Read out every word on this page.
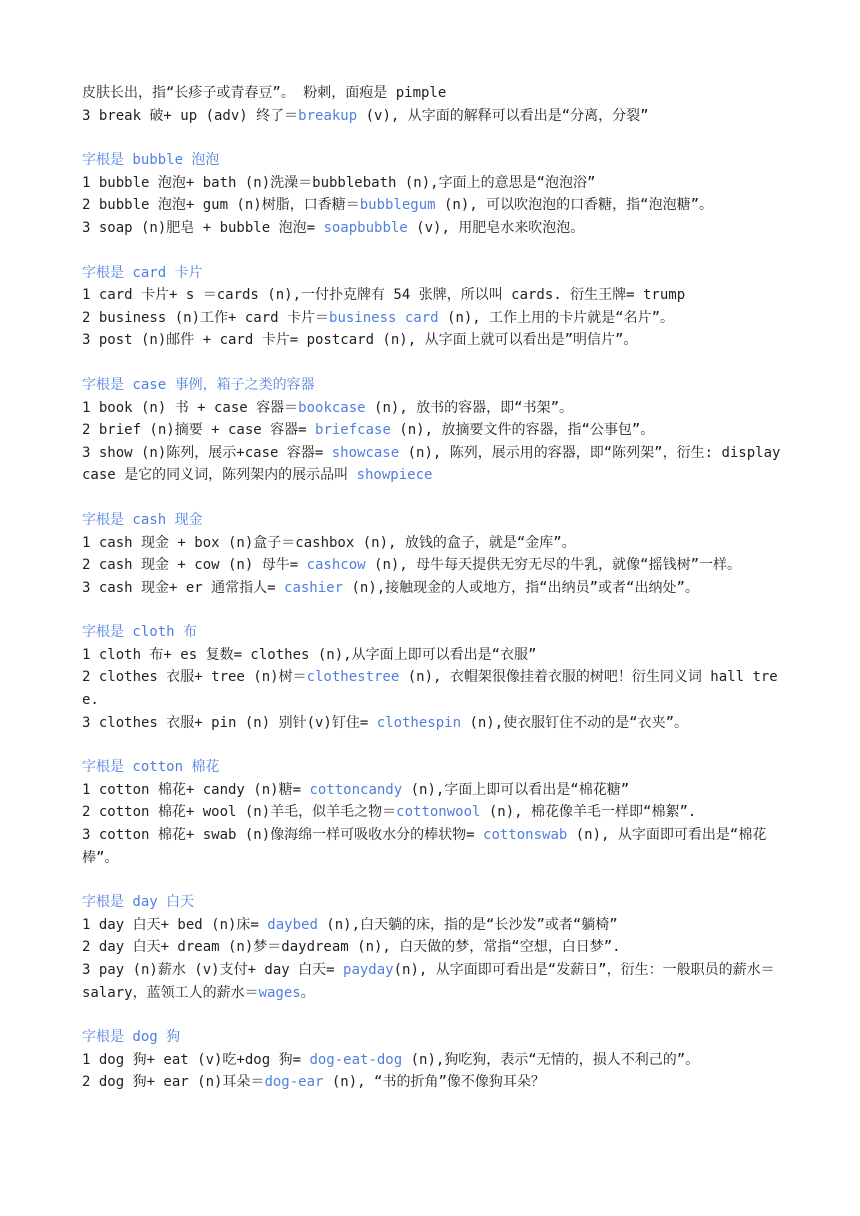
皮肤长出，指“长疹子或青春豆”。 粉刺，面疱是 pimple
3 break 破+ up (adv) 终了＝breakup (v), 从字面的解释可以看出是“分离，分裂”
字根是 bubble 泡泡
1 bubble 泡泡+ bath (n)洗澡＝bubblebath (n),字面上的意思是“泡泡浴”
2 bubble 泡泡+ gum (n)树脂，口香糖＝bubblegum (n), 可以吹泡泡的口香糖，指“泡泡糖”。
3 soap (n)肥皂 + bubble 泡泡= soapbubble (v), 用肥皂水来吹泡泡。
字根是 card 卡片
1 card 卡片+ s ＝cards (n),一付扑克牌有 54 张牌，所以叫 cards. 衍生王牌= trump
2 business (n)工作+ card 卡片＝business card (n), 工作上用的卡片就是“名片”。
3 post (n)邮件 + card 卡片= postcard (n), 从字面上就可以看出是”明信片”。
字根是 case 事例，箱子之类的容器
1 book (n) 书 + case 容器＝bookcase (n), 放书的容器，即“书架”。
2 brief (n)摘要 + case 容器= briefcase (n), 放摘要文件的容器，指“公事包”。
3 show (n)陈列，展示+case 容器= showcase (n), 陈列，展示用的容器，即“陈列架”，衍生: display case 是它的同义词，陈列架内的展示品叫 showpiece
字根是 cash 现金
1 cash 现金 + box (n)盒子＝cashbox (n), 放钱的盒子，就是“金库”。
2 cash 现金 + cow (n) 母牛= cashcow (n), 母牛每天提供无穷无尽的牛乳，就像“摇钱树”一样。
3 cash 现金+ er 通常指人= cashier (n),接触现金的人或地方，指“出纳员”或者“出纳处”。
字根是 cloth 布
1 cloth 布+ es 复数= clothes (n),从字面上即可以看出是“衣服”
2 clothes 衣服+ tree (n)树＝clothestree (n), 衣帽架很像挂着衣服的树吧！衍生同义词 hall tree.
3 clothes 衣服+ pin (n) 别针(v)钉住= clothespin (n),使衣服钉住不动的是“衣夹”。
字根是 cotton 棉花
1 cotton 棉花+ candy (n)糖= cottoncandy (n),字面上即可以看出是“棉花糖”
2 cotton 棉花+ wool (n)羊毛，似羊毛之物＝cottonwool (n), 棉花像羊毛一样即“棉絮”.
3 cotton 棉花+ swab (n)像海绵一样可吸收水分的棒状物= cottonswab (n), 从字面即可看出是“棉花棒”。
字根是 day 白天
1 day 白天+ bed (n)床= daybed (n),白天躺的床，指的是“长沙发”或者“躺椅”
2 day 白天+ dream (n)梦＝daydream (n), 白天做的梦，常指“空想，白日梦”.
3 pay (n)薪水 (v)支付+ day 白天= payday(n), 从字面即可看出是“发薪日”，衍生：一般职员的薪水＝salary，蓝领工人的薪水＝wages。
字根是 dog 狗
1 dog 狗+ eat (v)吃+dog 狗= dog-eat-dog (n),狗吃狗，表示“无情的，损人不利己的”。
2 dog 狗+ ear (n)耳朵＝dog-ear (n), “书的折角”像不像狗耳朵？
